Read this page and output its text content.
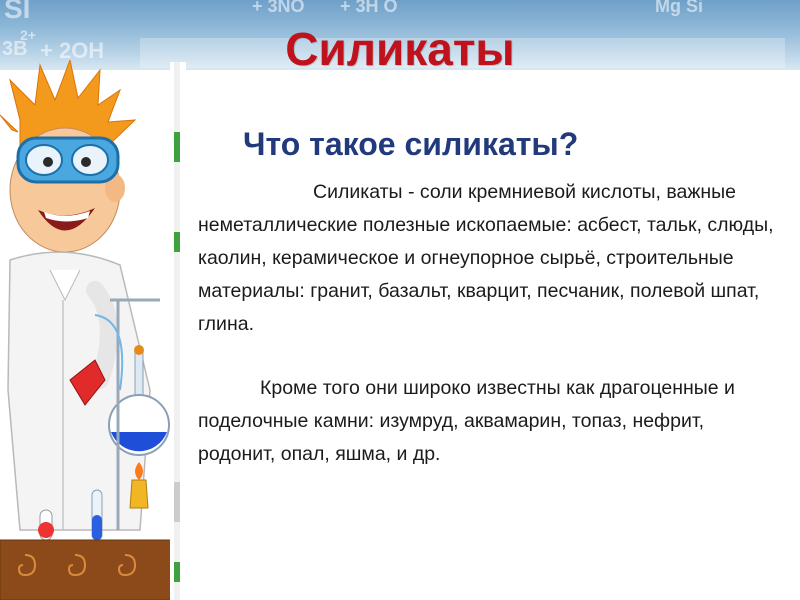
SI	+ 3NO + 3H O	Mg Si
+ 2OH
3B
2+	Силикаты
Что такое силикаты?

Силикаты - соли кремниевой кислоты, важные неметаллические полезные ископаемые: асбест, тальк, слюды, каолин, керамическое и огнеупорное сырьё, строительные материалы: гранит, базальт, кварцит, песчаник, полевой шпат, глина.

Кроме того они широко известны как драгоценные и поделочные камни: изумруд, аквамарин, топаз, нефрит, родонит, опал, яшма, и др.
